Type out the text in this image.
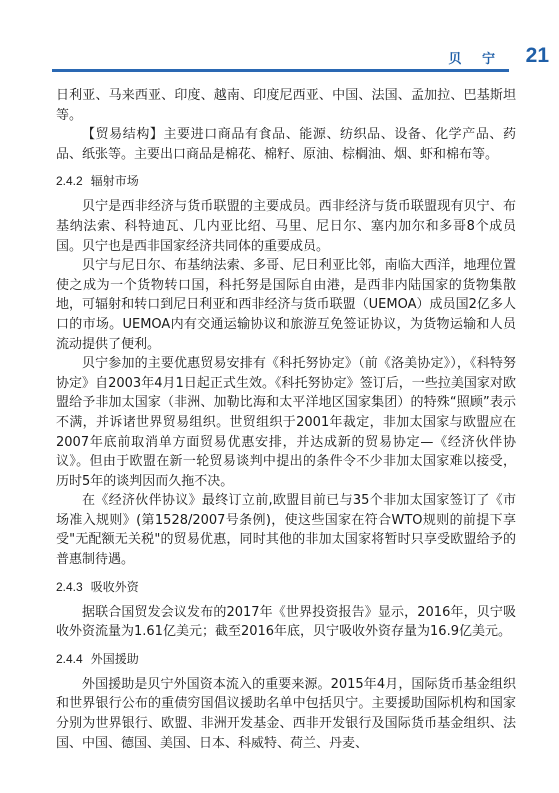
贝 宁 21

日利亚、马来西亚、印度、越南、印度尼西亚、中国、法国、孟加拉、巴基斯坦等。

【贸易结构】主要进口商品有食品、能源、纺织品、设备、化学产品、药品、纸张等。主要出口商品是棉花、棉籽、原油、棕榈油、烟、虾和棉布等。

2.4.2 辐射市场

贝宁是西非经济与货币联盟的主要成员。西非经济与货币联盟现有贝宁、布基纳法索、科特迪瓦、几内亚比绍、马里、尼日尔、塞内加尔和多哥8个成员国。贝宁也是西非国家经济共同体的重要成员。

贝宁与尼日尔、布基纳法索、多哥、尼日利亚比邻，南临大西洋，地理位置使之成为一个货物转口国，科托努是国际自由港，是西非内陆国家的货物集散地，可辐射和转口到尼日利亚和西非经济与货币联盟（UEMOA）成员国2亿多人口的市场。UEMOA内有交通运输协议和旅游互免签证协议，为货物运输和人员流动提供了便利。

贝宁参加的主要优惠贸易安排有《科托努协定》（前《洛美协定》），《科特努协定》自2003年4月1日起正式生效。《科托努协定》签订后，一些拉美国家对欧盟给予非加太国家（非洲、加勒比海和太平洋地区国家集团）的特殊“照顾”表示不满，并诉诸世界贸易组织。世贸组织于2001年裁定，非加太国家与欧盟应在2007年底前取消单方面贸易优惠安排，并达成新的贸易协定—《经济伙伴协议》。但由于欧盟在新一轮贸易谈判中提出的条件令不少非加太国家难以接受，历时5年的谈判因而久拖不决。

在《经济伙伴协议》最终订立前,欧盟目前已与35个非加太国家签订了《市场准入规则》(第1528/2007号条例)，使这些国家在符合WTO规则的前提下享受"无配额无关税"的贸易优惠，同时其他的非加太国家将暂时只享受欧盟给予的普惠制待遇。

2.4.3 吸收外资

据联合国贸发会议发布的2017年《世界投资报告》显示，2016年，贝宁吸收外资流量为1.61亿美元；截至2016年底，贝宁吸收外资存量为16.9亿美元。

2.4.4 外国援助

外国援助是贝宁外国资本流入的重要来源。2015年4月，国际货币基金组织和世界银行公布的重债穷国倡议援助名单中包括贝宁。主要援助国际机构和国家分别为世界银行、欧盟、非洲开发基金、西非开发银行及国际货币基金组织、法国、中国、德国、美国、日本、科威特、荷兰、丹麦、
